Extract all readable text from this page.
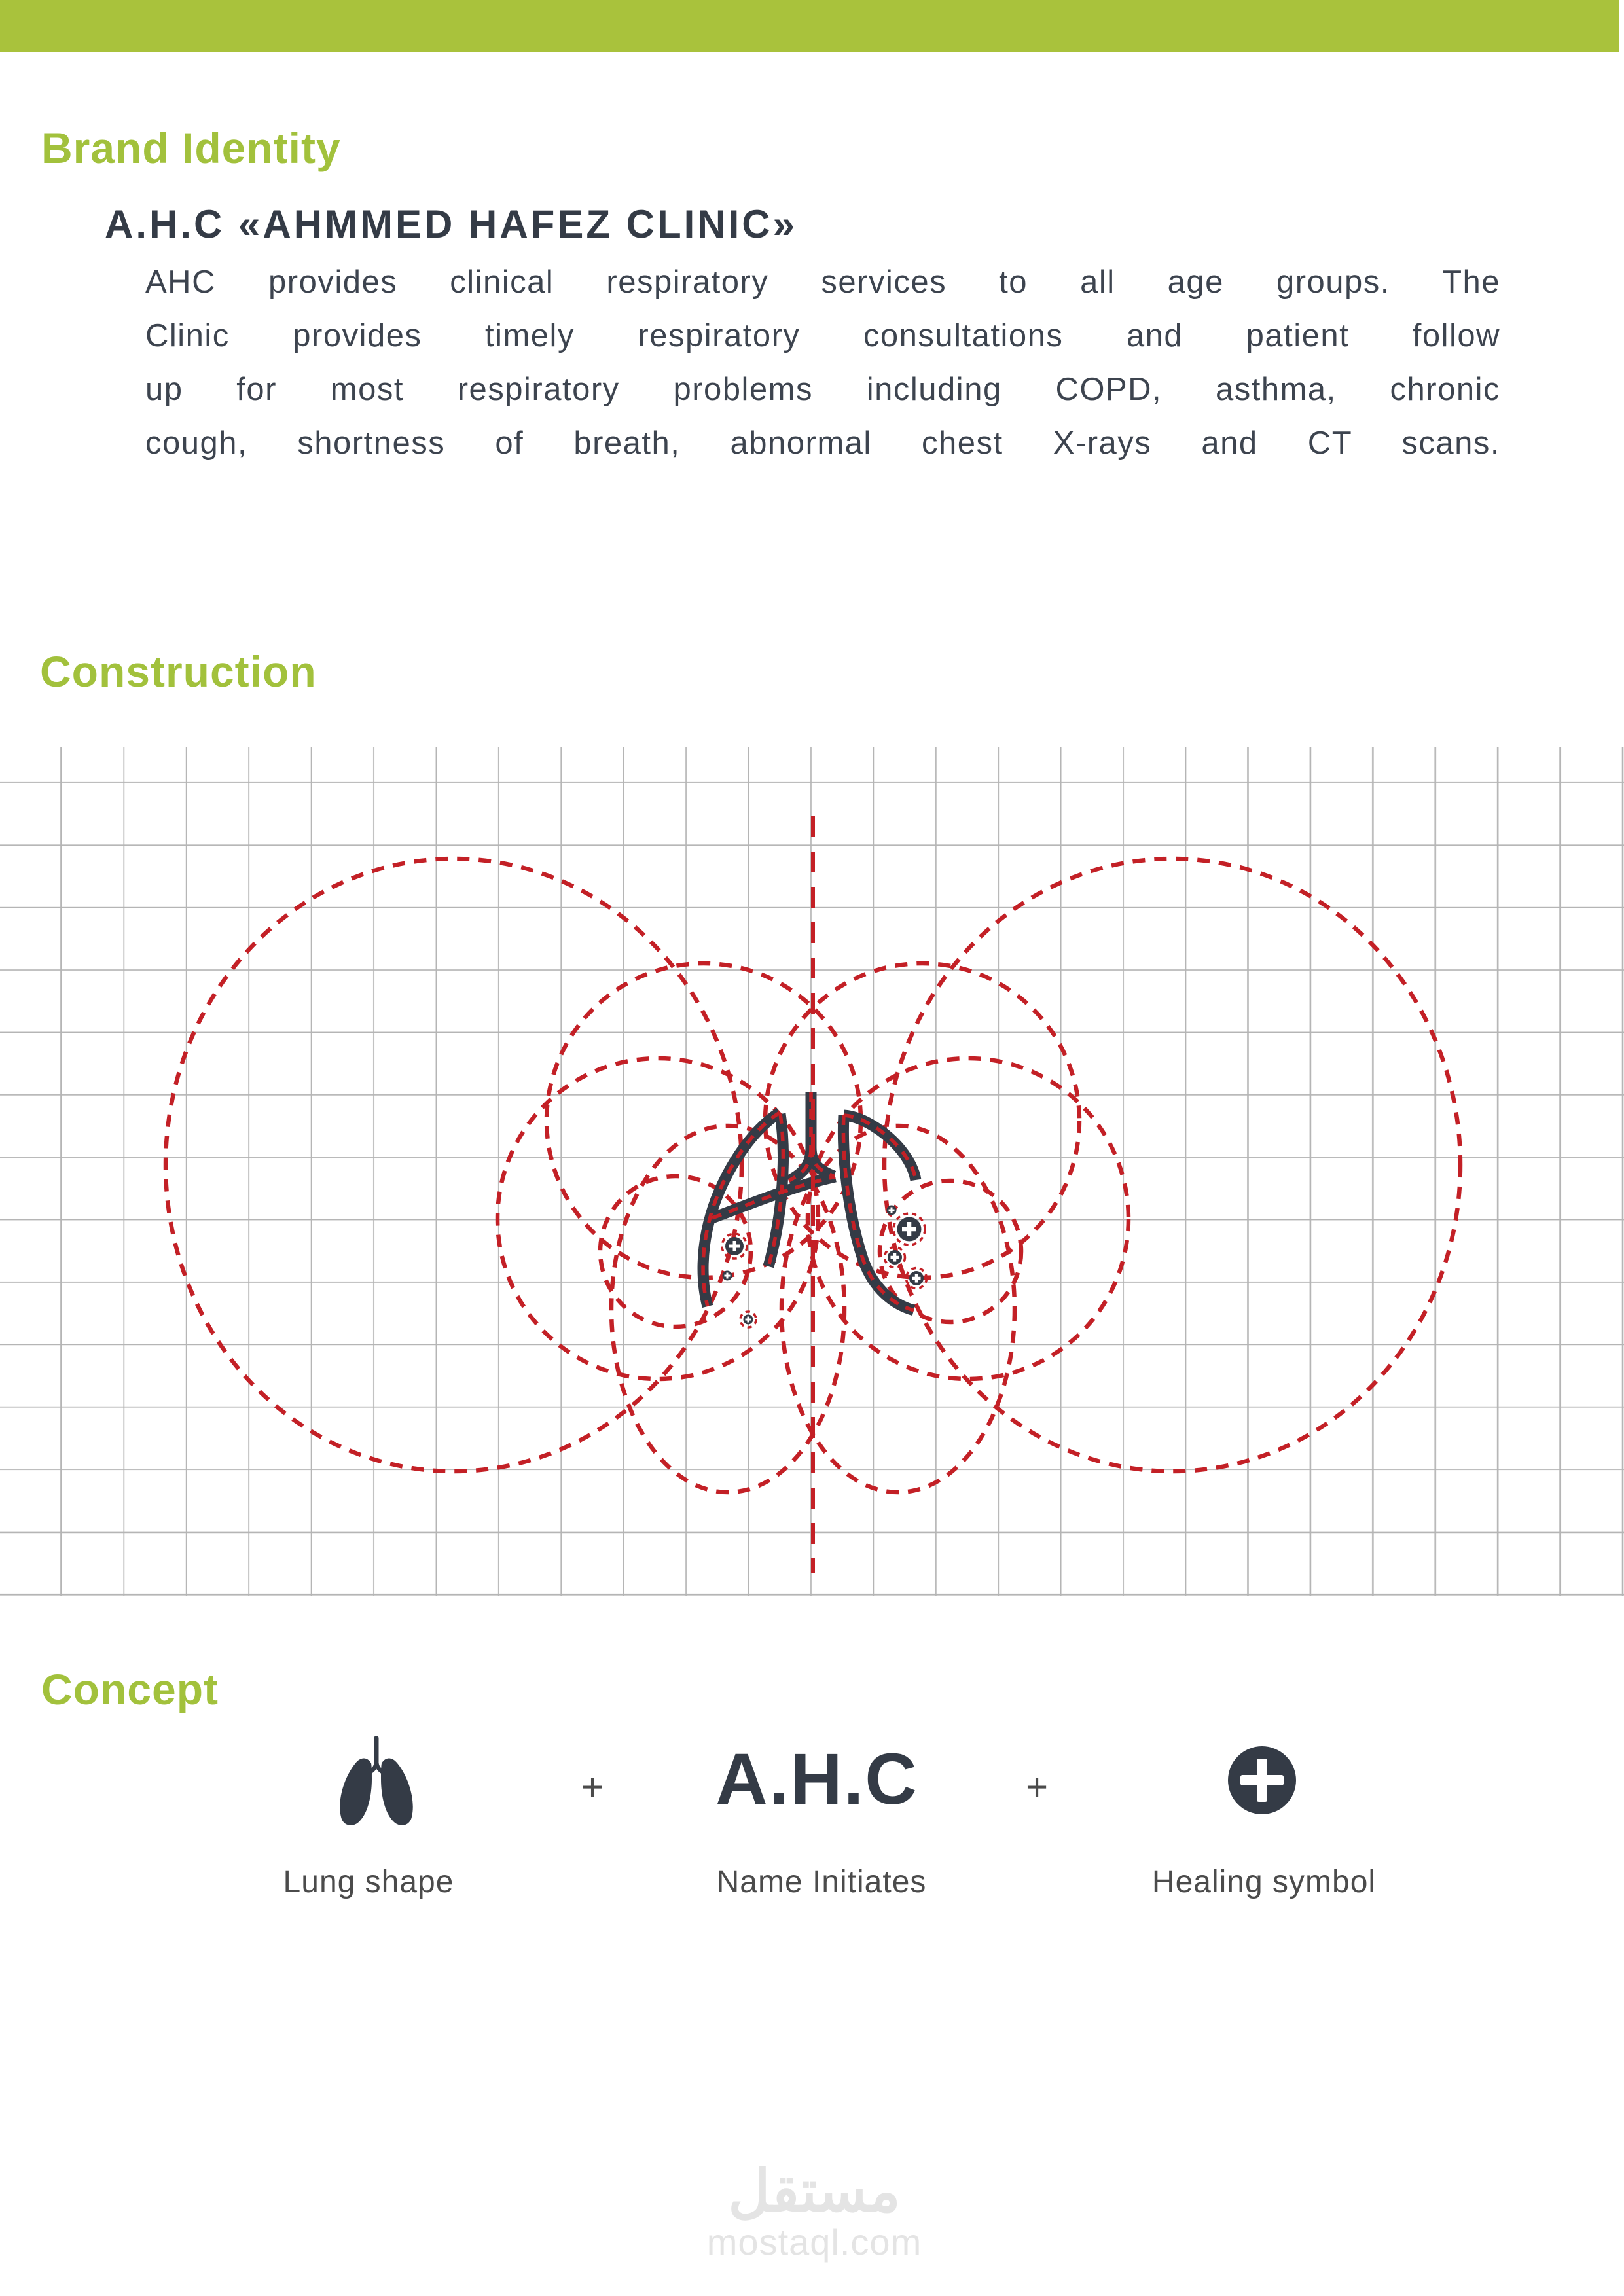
Brand Identity
A.H.C «AHMMED HAFEZ CLINIC»
AHC provides clinical respiratory services to all age groups. The
Clinic provides timely respiratory consultations and patient follow
up for most respiratory problems including COPD, asthma, chronic
cough, shortness of breath, abnormal chest X-rays and CT scans.
Construction
Concept
+	A.H.C	+
Lung shape	Name Initiates	Healing symbol
مستقل
mostaql.com
